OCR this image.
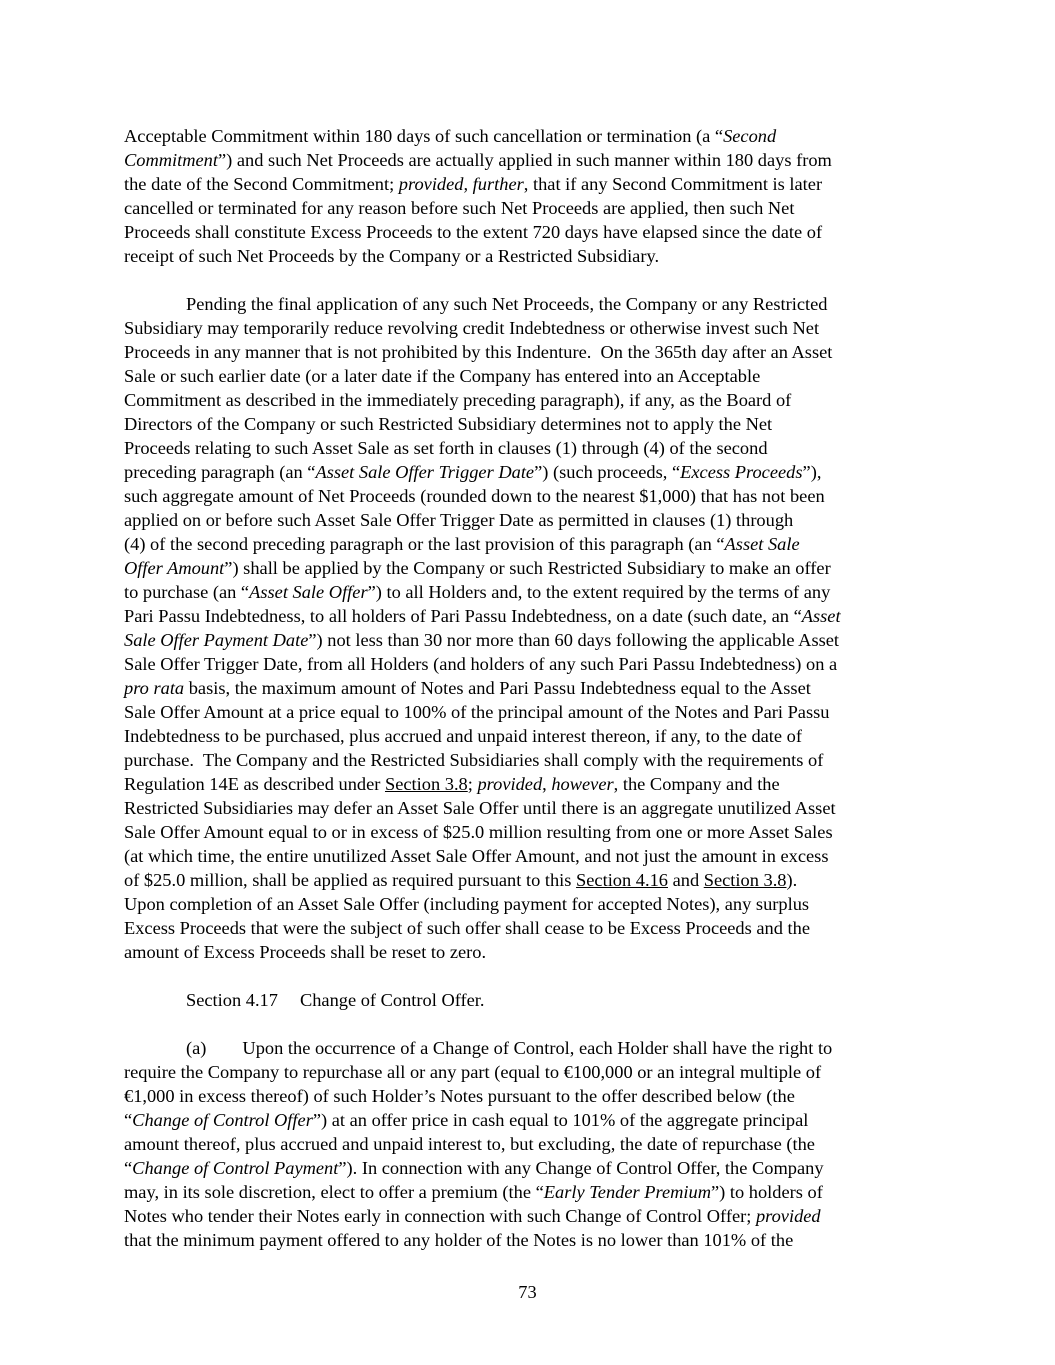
Acceptable Commitment within 180 days of such cancellation or termination (a “Second
Commitment”) and such Net Proceeds are actually applied in such manner within 180 days from
the date of the Second Commitment; provided, further, that if any Second Commitment is later
cancelled or terminated for any reason before such Net Proceeds are applied, then such Net
Proceeds shall constitute Excess Proceeds to the extent 720 days have elapsed since the date of
receipt of such Net Proceeds by the Company or a Restricted Subsidiary.
Pending the final application of any such Net Proceeds, the Company or any Restricted
Subsidiary may temporarily reduce revolving credit Indebtedness or otherwise invest such Net
Proceeds in any manner that is not prohibited by this Indenture.  On the 365th day after an Asset
Sale or such earlier date (or a later date if the Company has entered into an Acceptable
Commitment as described in the immediately preceding paragraph), if any, as the Board of
Directors of the Company or such Restricted Subsidiary determines not to apply the Net
Proceeds relating to such Asset Sale as set forth in clauses (1) through (4) of the second
preceding paragraph (an “Asset Sale Offer Trigger Date”) (such proceeds, “Excess Proceeds”),
such aggregate amount of Net Proceeds (rounded down to the nearest $1,000) that has not been
applied on or before such Asset Sale Offer Trigger Date as permitted in clauses (1) through
(4) of the second preceding paragraph or the last provision of this paragraph (an “Asset Sale
Offer Amount”) shall be applied by the Company or such Restricted Subsidiary to make an offer
to purchase (an “Asset Sale Offer”) to all Holders and, to the extent required by the terms of any
Pari Passu Indebtedness, to all holders of Pari Passu Indebtedness, on a date (such date, an “Asset
Sale Offer Payment Date”) not less than 30 nor more than 60 days following the applicable Asset
Sale Offer Trigger Date, from all Holders (and holders of any such Pari Passu Indebtedness) on a
pro rata basis, the maximum amount of Notes and Pari Passu Indebtedness equal to the Asset
Sale Offer Amount at a price equal to 100% of the principal amount of the Notes and Pari Passu
Indebtedness to be purchased, plus accrued and unpaid interest thereon, if any, to the date of
purchase.  The Company and the Restricted Subsidiaries shall comply with the requirements of
Regulation 14E as described under Section 3.8; provided, however, the Company and the
Restricted Subsidiaries may defer an Asset Sale Offer until there is an aggregate unutilized Asset
Sale Offer Amount equal to or in excess of $25.0 million resulting from one or more Asset Sales
(at which time, the entire unutilized Asset Sale Offer Amount, and not just the amount in excess
of $25.0 million, shall be applied as required pursuant to this Section 4.16 and Section 3.8).
Upon completion of an Asset Sale Offer (including payment for accepted Notes), any surplus
Excess Proceeds that were the subject of such offer shall cease to be Excess Proceeds and the
amount of Excess Proceeds shall be reset to zero.
Section 4.17 Change of Control Offer.
(a) Upon the occurrence of a Change of Control, each Holder shall have the right to
require the Company to repurchase all or any part (equal to €100,000 or an integral multiple of
€1,000 in excess thereof) of such Holder’s Notes pursuant to the offer described below (the
“Change of Control Offer”) at an offer price in cash equal to 101% of the aggregate principal
amount thereof, plus accrued and unpaid interest to, but excluding, the date of repurchase (the
“Change of Control Payment”). In connection with any Change of Control Offer, the Company
may, in its sole discretion, elect to offer a premium (the “Early Tender Premium”) to holders of
Notes who tender their Notes early in connection with such Change of Control Offer; provided
that the minimum payment offered to any holder of the Notes is no lower than 101% of the
73
